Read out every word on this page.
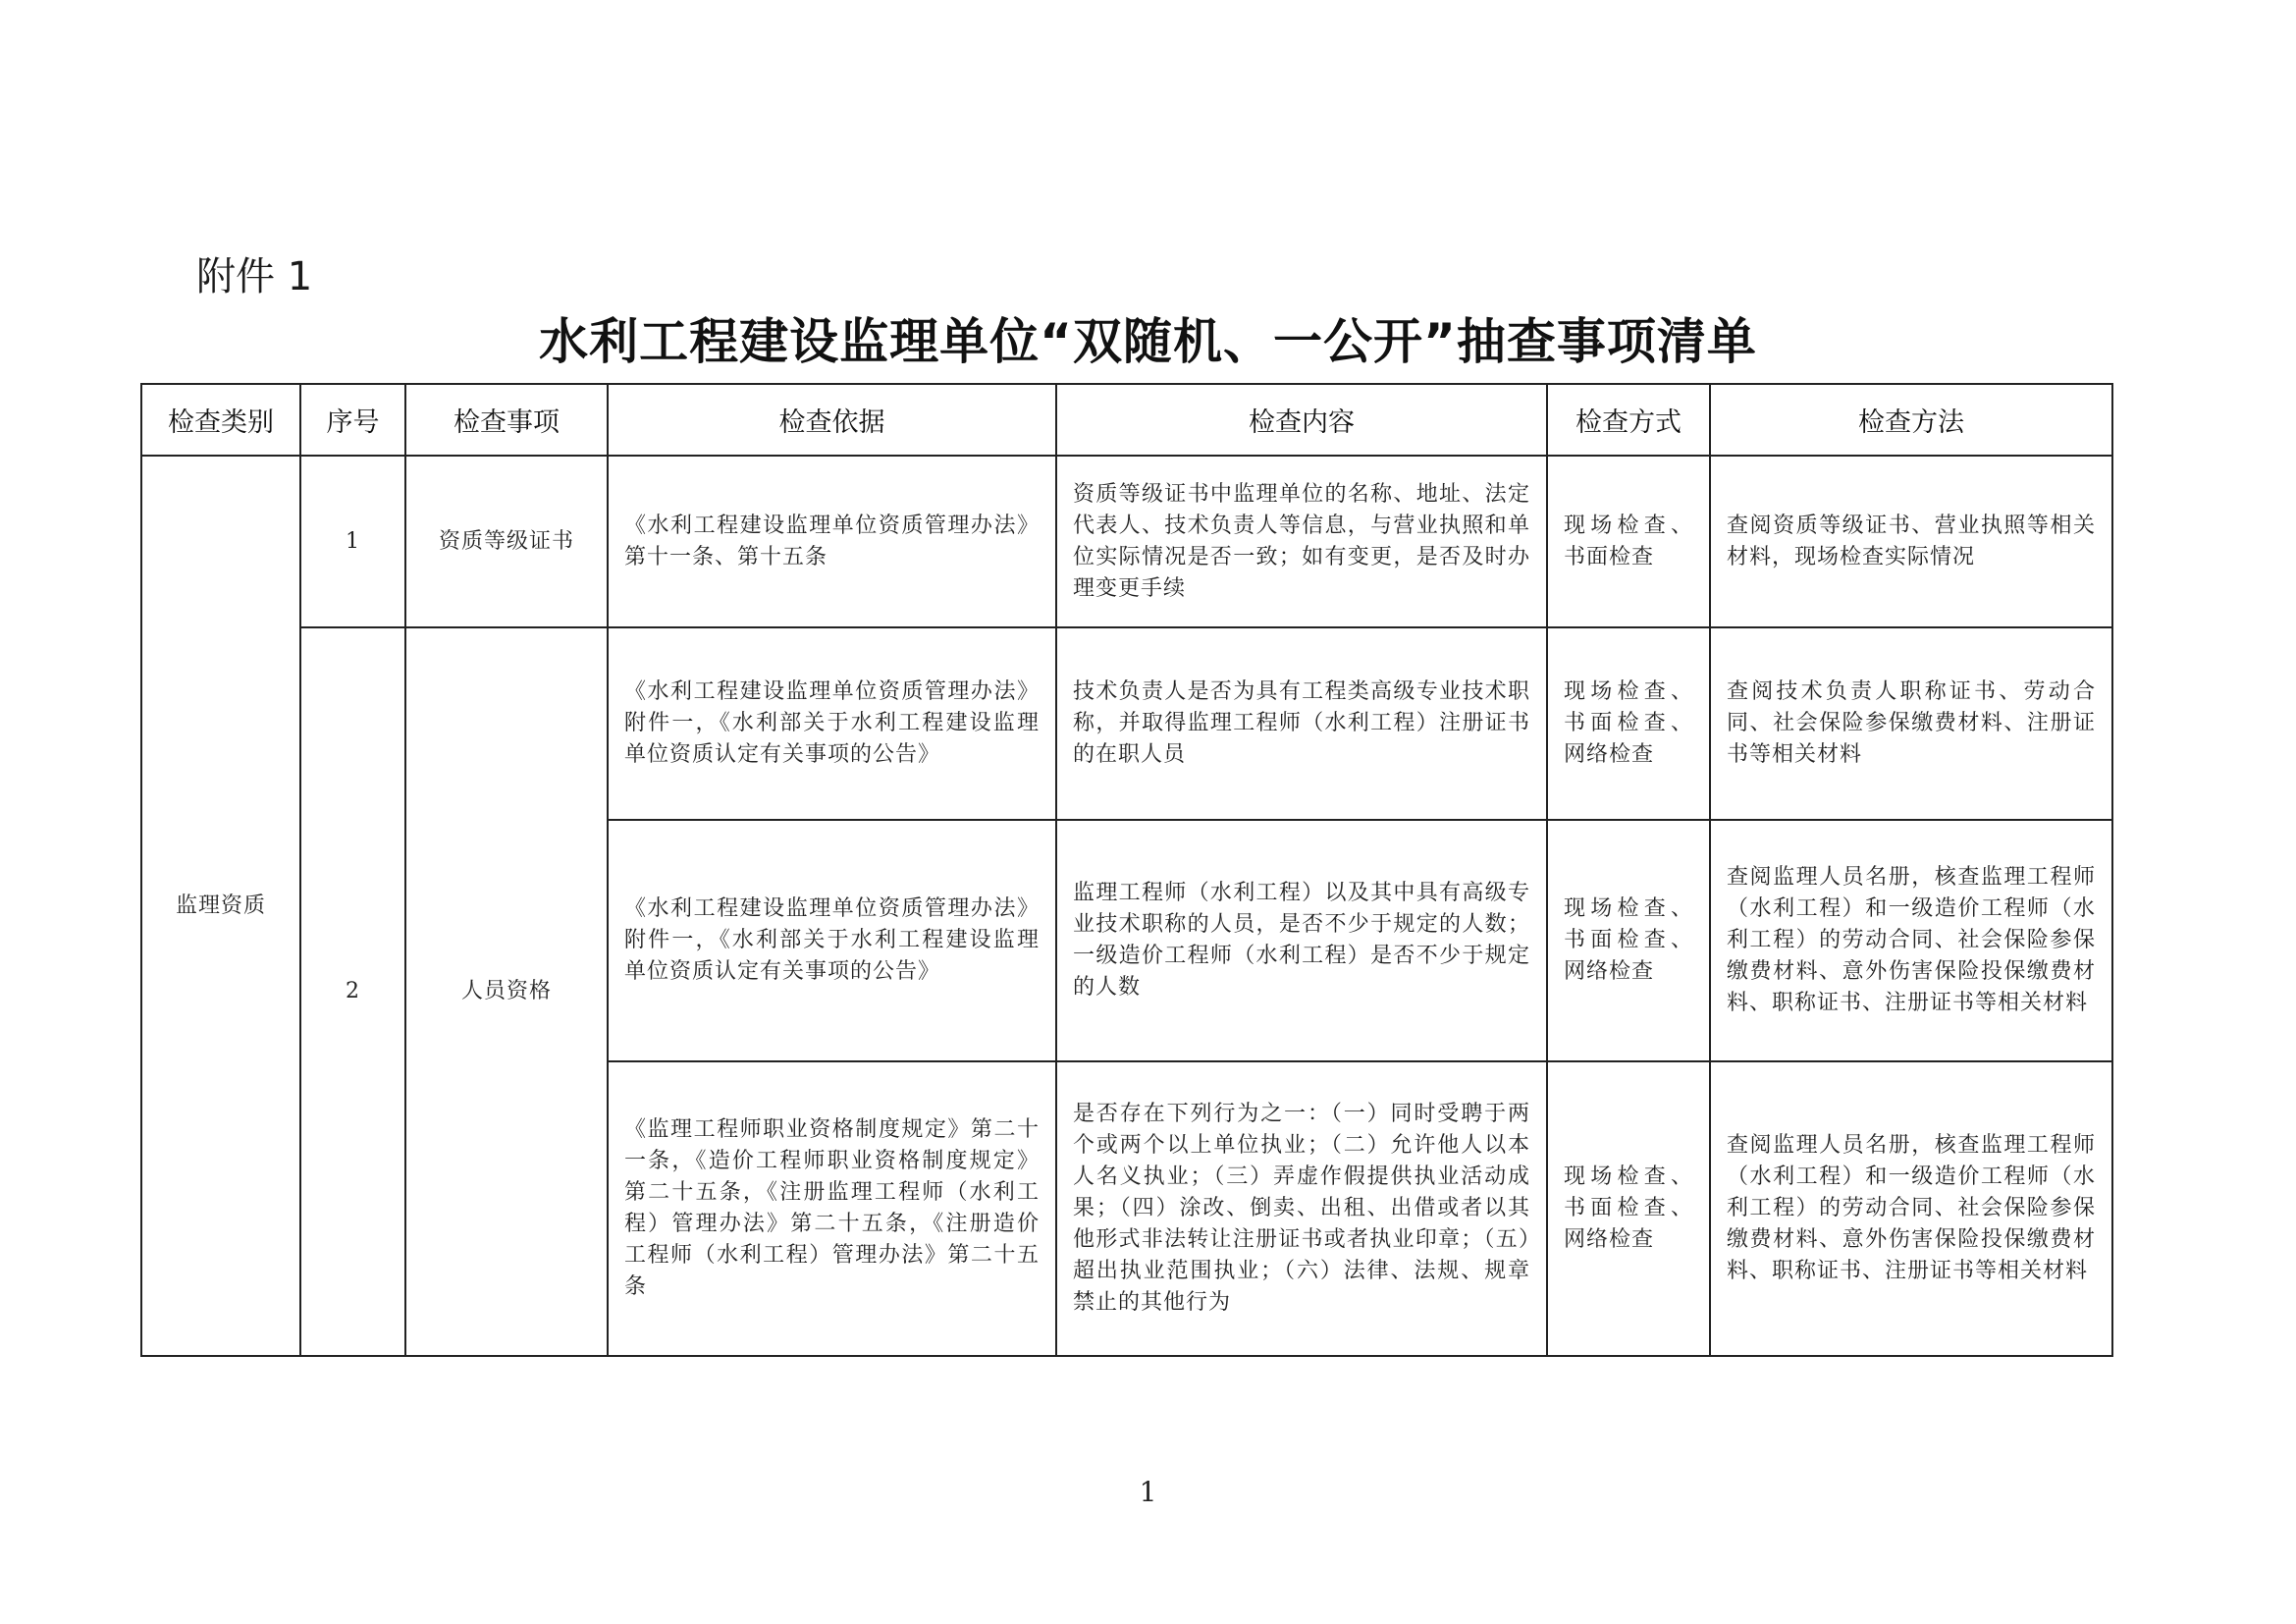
附件 1
水利工程建设监理单位“双随机、一公开”抽查事项清单
检查类别	序号	检查事项	检查依据	检查内容	检查方式	检查方法
监理资质	1	资质等级证书	《水利工程建设监理单位资质管理办法》第十一条、第十五条	资质等级证书中监理单位的名称、地址、法定代表人、技术负责人等信息，与营业执照和单位实际情况是否一致；如有变更，是否及时办理变更手续	现场检查、书面检查	查阅资质等级证书、营业执照等相关材料，现场检查实际情况
	2	人员资格	《水利工程建设监理单位资质管理办法》附件一，《水利部关于水利工程建设监理单位资质认定有关事项的公告》	技术负责人是否为具有工程类高级专业技术职称，并取得监理工程师（水利工程）注册证书的在职人员	现场检查、书面检查、网络检查	查阅技术负责人职称证书、劳动合同、社会保险参保缴费材料、注册证书等相关材料
			《水利工程建设监理单位资质管理办法》附件一，《水利部关于水利工程建设监理单位资质认定有关事项的公告》	监理工程师（水利工程）以及其中具有高级专业技术职称的人员，是否不少于规定的人数；一级造价工程师（水利工程）是否不少于规定的人数	现场检查、书面检查、网络检查	查阅监理人员名册，核查监理工程师（水利工程）和一级造价工程师（水利工程）的劳动合同、社会保险参保缴费材料、意外伤害保险投保缴费材料、职称证书、注册证书等相关材料
			《监理工程师职业资格制度规定》第二十一条，《造价工程师职业资格制度规定》第二十五条，《注册监理工程师（水利工程）管理办法》第二十五条，《注册造价工程师（水利工程）管理办法》第二十五条	是否存在下列行为之一：（一）同时受聘于两个或两个以上单位执业；（二）允许他人以本人名义执业；（三）弄虚作假提供执业活动成果；（四）涂改、倒卖、出租、出借或者以其他形式非法转让注册证书或者执业印章；（五）超出执业范围执业；（六）法律、法规、规章禁止的其他行为	现场检查、书面检查、网络检查	查阅监理人员名册，核查监理工程师（水利工程）和一级造价工程师（水利工程）的劳动合同、社会保险参保缴费材料、意外伤害保险投保缴费材料、职称证书、注册证书等相关材料
1
